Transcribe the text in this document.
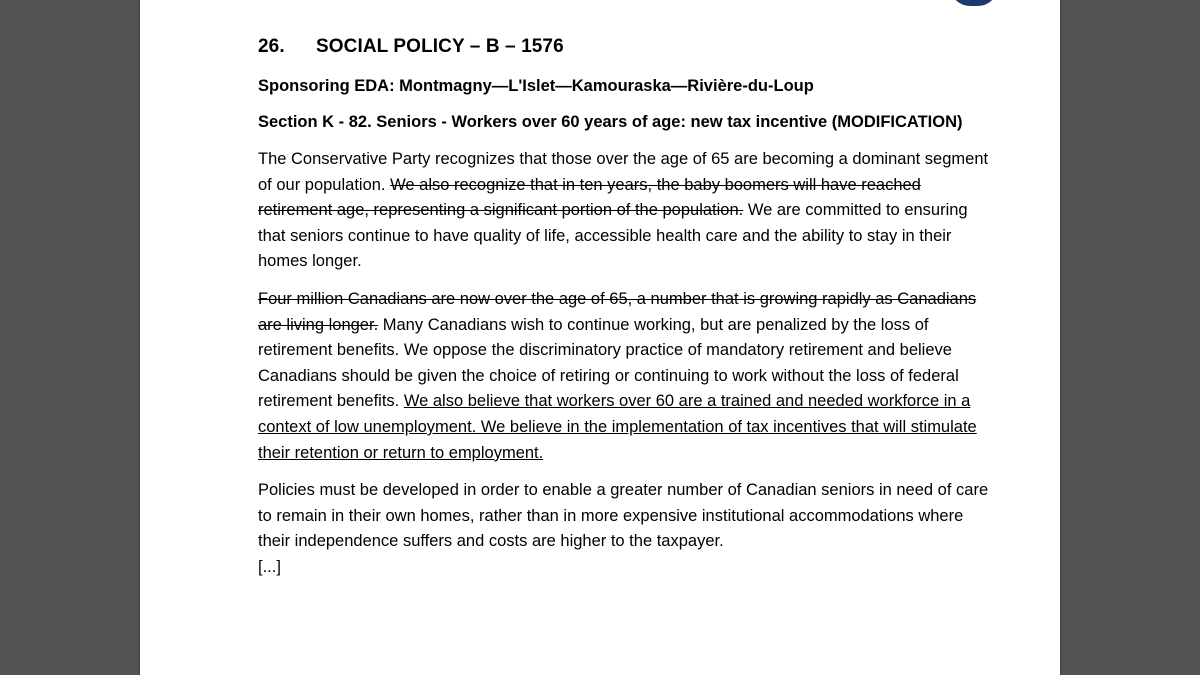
26. SOCIAL POLICY – B – 1576
Sponsoring EDA: Montmagny—L'Islet—Kamouraska—Rivière-du-Loup
Section K - 82. Seniors - Workers over 60 years of age: new tax incentive (MODIFICATION)

The Conservative Party recognizes that those over the age of 65 are becoming a dominant segment of our population. We also recognize that in ten years, the baby boomers will have reached retirement age, representing a significant portion of the population. We are committed to ensuring that seniors continue to have quality of life, accessible health care and the ability to stay in their homes longer.

Four million Canadians are now over the age of 65, a number that is growing rapidly as Canadians are living longer. Many Canadians wish to continue working, but are penalized by the loss of retirement benefits. We oppose the discriminatory practice of mandatory retirement and believe Canadians should be given the choice of retiring or continuing to work without the loss of federal retirement benefits. We also believe that workers over 60 are a trained and needed workforce in a context of low unemployment. We believe in the implementation of tax incentives that will stimulate their retention or return to employment.

Policies must be developed in order to enable a greater number of Canadian seniors in need of care to remain in their own homes, rather than in more expensive institutional accommodations where their independence suffers and costs are higher to the taxpayer.

[...]
